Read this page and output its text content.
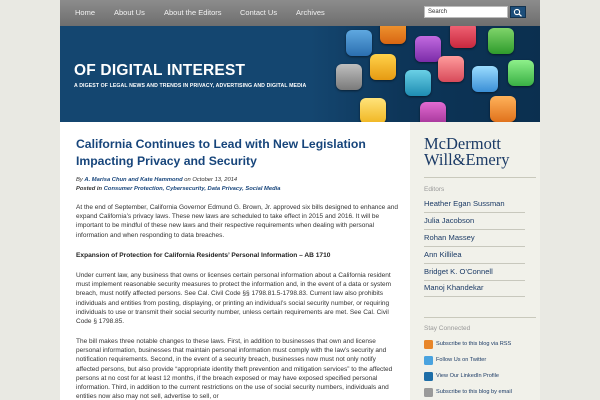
Home	About Us	About the Editors Contact Us	Archives	Search
OF DIGITAL INTEREST
A DIGEST OF LEGAL NEWS AND TRENDS IN PRIVACY, ADVERTISING AND DIGITAL MEDIA
California Continues to Lead with New Legislation Impacting Privacy and Security
By A. Marisa Chun and Kate Hammond on October 13, 2014
Posted in Consumer Protection, Cybersecurity, Data Privacy, Social Media
At the end of September, California Governor Edmund G. Brown, Jr. approved six bills designed to enhance and expand California’s privacy laws. These new laws are scheduled to take effect in 2015 and 2016. It will be important to be mindful of these new laws and their respective requirements when dealing with personal information and when responding to data breaches.
Expansion of Protection for California Residents’ Personal Information – AB 1710
Under current law, any business that owns or licenses certain personal information about a California resident must implement reasonable security measures to protect the information and, in the event of a data or system breach, must notify affected persons. See Cal. Civil Code §§ 1798.81.5-1798.83. Current law also prohibits individuals and entities from posting, displaying, or printing an individual’s social security number, or requiring individuals to use or transmit their social security number, unless certain requirements are met. See Cal. Civil Code § 1798.85.
The bill makes three notable changes to these laws. First, in addition to businesses that own and license personal information, businesses that maintain personal information must comply with the law’s security and notification requirements. Second, in the event of a security breach, businesses now must not only notify affected persons, but also provide “appropriate identity theft prevention and mitigation services” to the affected persons at no cost for at least 12 months, if the breach exposed or may have exposed specified personal information. Third, in addition to the current restrictions on the use of social security numbers, individuals and entities now also may not sell, advertise to sell, or
McDermott
Will&Emery
Editors
Heather Egan Sussman
Julia Jacobson
Rohan Massey
Ann Killilea
Bridget K. O’Connell
Manoj Khandekar
Stay Connected
Subscribe to this blog via RSS
Follow Us on Twitter
View Our LinkedIn Profile
Subscribe to this blog by email
